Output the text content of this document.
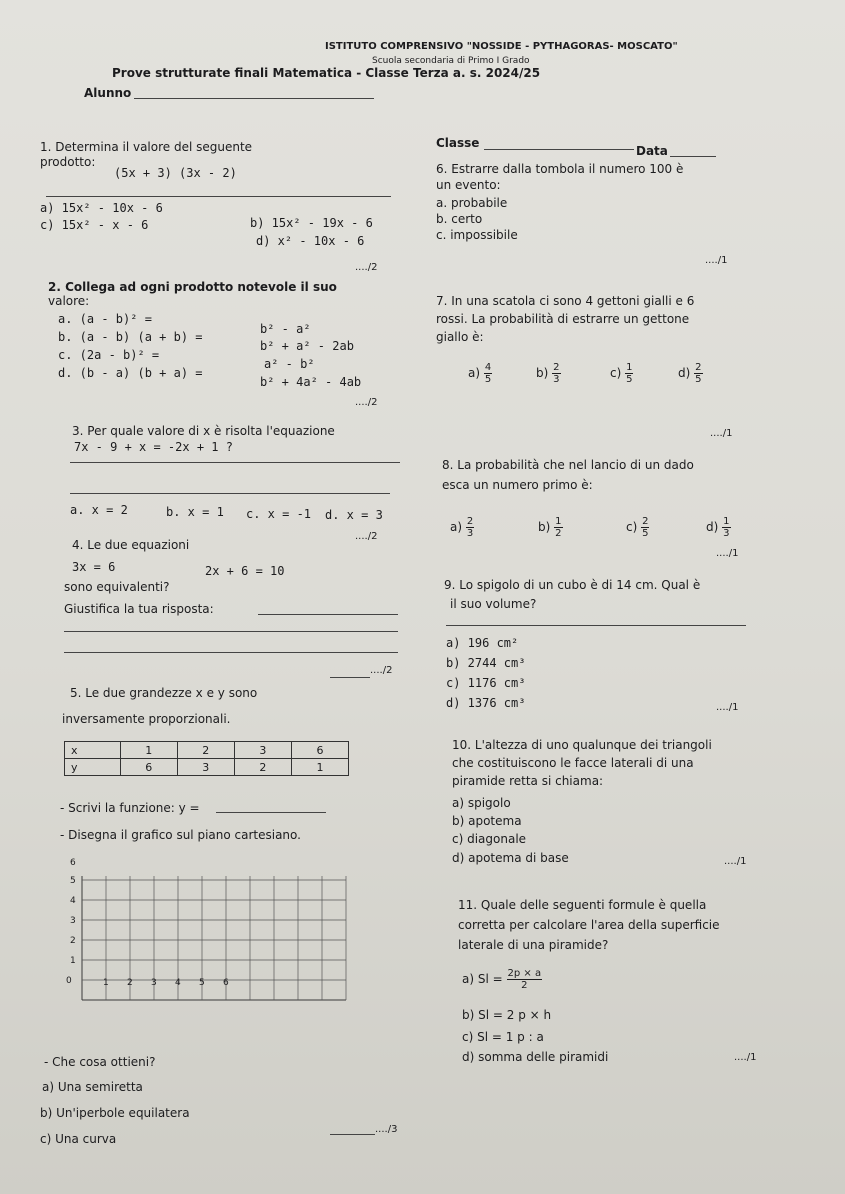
ISTITUTO COMPRENSIVO "NOSSIDE - PYTHAGORAS- MOSCATO"
Scuola secondaria di Primo I Grado
Prove strutturate finali Matematica - Classe Terza a. s. 2024/25
Alunno
Classe
Data
1. Determina il valore del seguente
prodotto:
(5x + 3) (3x - 2)
a) 15x² - 10x - 6
c) 15x² - x - 6	b) 15x² - 19x - 6
d) x² - 10x - 6
..../2
2. Collega ad ogni prodotto notevole il suo
valore:
a. (a - b)² =
b. (a - b) (a + b) =
c. (2a - b)² =
d. (b - a) (b + a) =
b² - a²
b² + a² - 2ab
a² - b²
b² + 4a² - 4ab
..../2
3. Per quale valore di x è risolta l'equazione
7x - 9 + x = -2x + 1 ?
a. x = 2	b. x = 1 c. x = -1 d. x = 3
..../2
4. Le due equazioni
3x = 6	2x + 6 = 10
sono equivalenti?
Giustifica la tua risposta:
..../2
5. Le due grandezze x e y sono
inversamente proporzionali.
x	1	2	3	6
y	6	3	2	1
- Scrivi la funzione: y =
- Disegna il grafico sul piano cartesiano.
0	1 2 3 4 5 6
1
2
3
4
5
6
- Che cosa ottieni?
a) Una semiretta
b) Un'iperbole equilatera
c) Una curva
..../3
6. Estrarre dalla tombola il numero 100 è
un evento:
a. probabile
b. certo
c. impossibile
..../1
7. In una scatola ci sono 4 gettoni gialli e 6
rossi. La probabilità di estrarre un gettone
giallo è:
$a) \frac{4}{5}$	$b) \frac{2}{3}$	$c) \frac{1}{5}$	$d) \frac{2}{5}$
..../1
8. La probabilità che nel lancio di un dado
esca un numero primo è:
$a) \frac{2}{3}$	$b) \frac{1}{2}$	$c) \frac{2}{5}$	$d) \frac{1}{3}$
..../1
9. Lo spigolo di un cubo è di 14 cm. Qual è
il suo volume?
a) 196 cm²
b) 2744 cm³
c) 1176 cm³
d) 1376 cm³	..../1
10. L'altezza di uno qualunque dei triangoli
che costituiscono le facce laterali di una
piramide retta si chiama:
a) spigolo
b) apotema
c) diagonale
d) apotema di base	..../1
11. Quale delle seguenti formule è quella
corretta per calcolare l'area della superficie
laterale di una piramide?
a) $Sl = \frac{2p \times a}{2}$
b) Sl = 2 p × h
c) Sl = 1 p : a
d) somma delle piramidi	..../1
